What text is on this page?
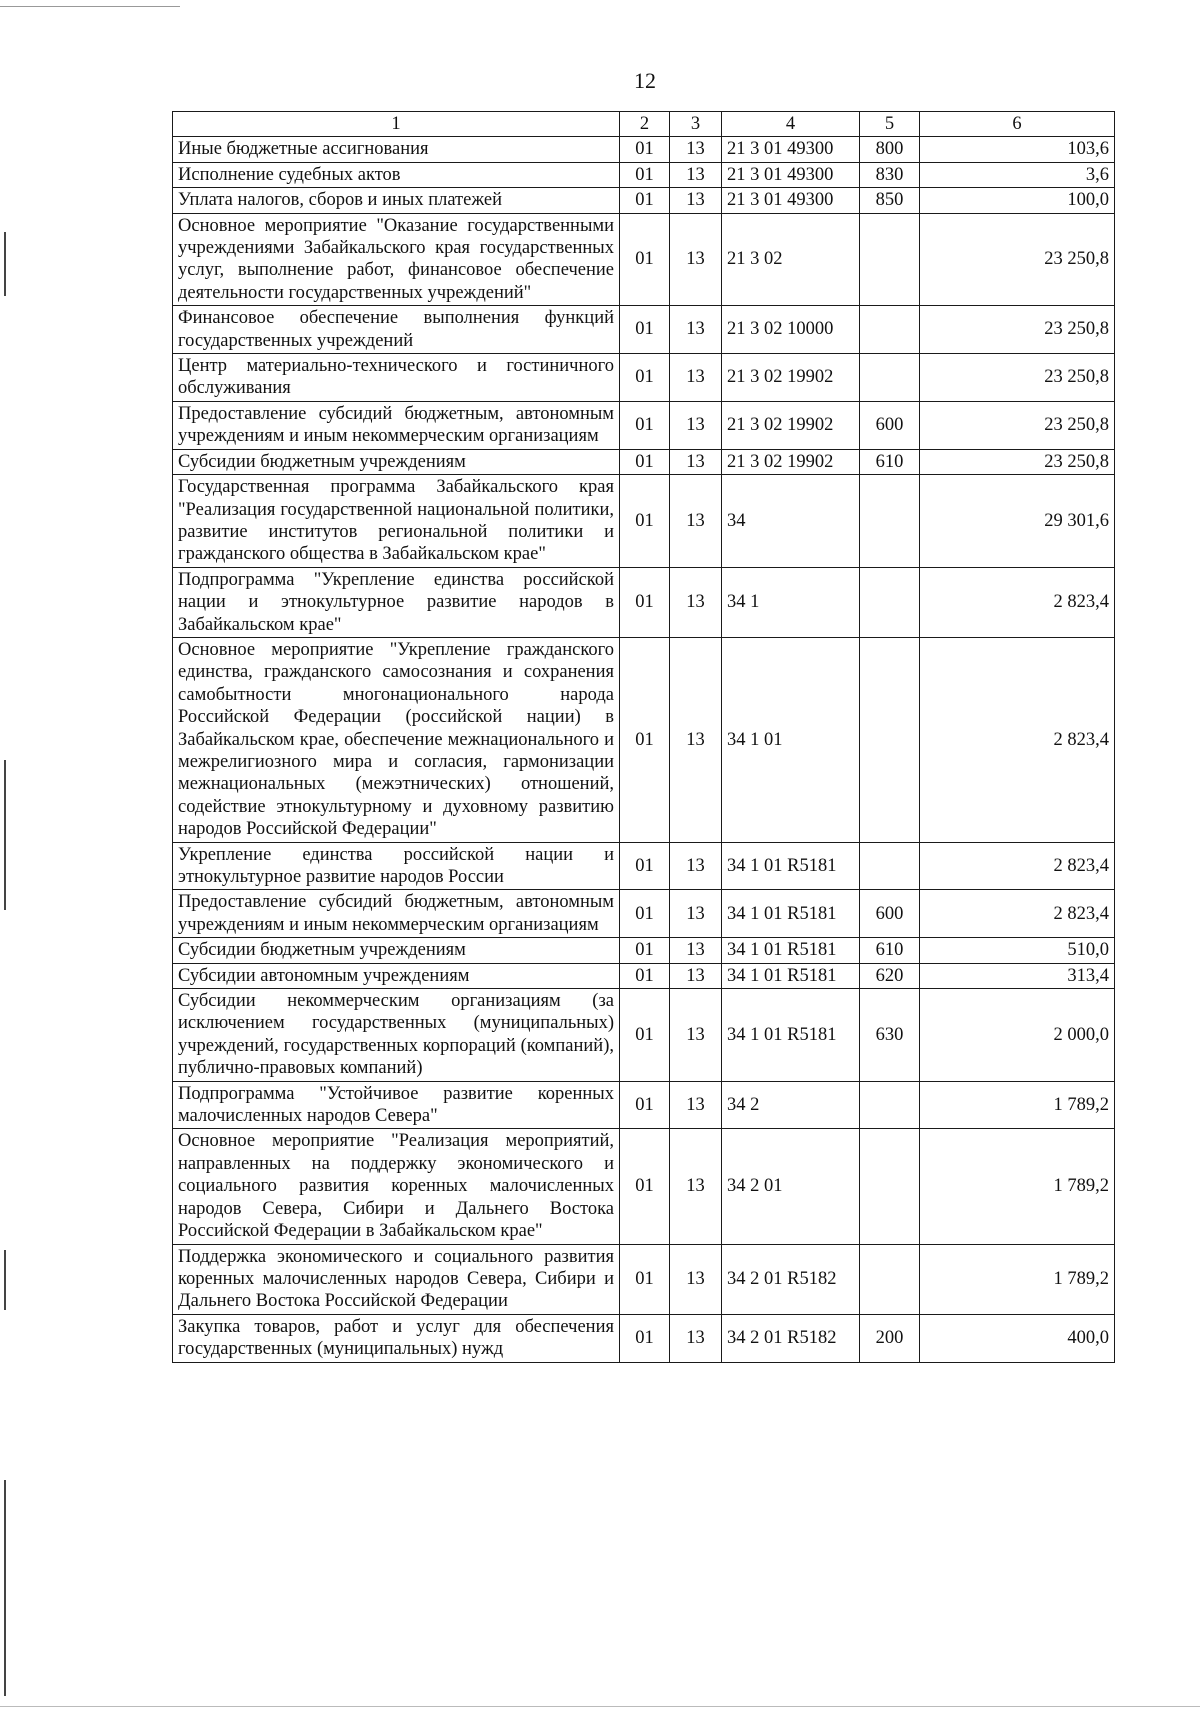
12
1	2	3	4	5	6
Иные бюджетные ассигнования	01	13	21 3 01 49300	800	103,6
Исполнение судебных актов	01	13	21 3 01 49300	830	3,6
Уплата налогов, сборов и иных платежей	01	13	21 3 01 49300	850	100,0
Основное мероприятие "Оказание государственными учреждениями Забайкальского края государственных услуг, выполнение работ, финансовое обеспечение деятельности государственных учреждений"	01	13	21 3 02		23 250,8
Финансовое обеспечение выполнения функций государственных учреждений	01	13	21 3 02 10000		23 250,8
Центр материально-технического и гостиничного обслуживания	01	13	21 3 02 19902		23 250,8
Предоставление субсидий бюджетным, автономным учреждениям и иным некоммерческим организациям	01	13	21 3 02 19902	600	23 250,8
Субсидии бюджетным учреждениям	01	13	21 3 02 19902	610	23 250,8
Государственная программа Забайкальского края "Реализация государственной национальной политики, развитие институтов региональной политики и гражданского общества в Забайкальском крае"	01	13	34		29 301,6
Подпрограмма "Укрепление единства российской нации и этнокультурное развитие народов в Забайкальском крае"	01	13	34 1		2 823,4
Основное мероприятие "Укрепление гражданского единства, гражданского самосознания и сохранения самобытности многонационального народа Российской Федерации (российской нации) в Забайкальском крае, обеспечение межнационального и межрелигиозного мира и согласия, гармонизации межнациональных (межэтнических) отношений, содействие этнокультурному и духовному развитию народов Российской Федерации"	01	13	34 1 01		2 823,4
Укрепление единства российской нации и этнокультурное развитие народов России	01	13	34 1 01 R5181		2 823,4
Предоставление субсидий бюджетным, автономным учреждениям и иным некоммерческим организациям	01	13	34 1 01 R5181	600	2 823,4
Субсидии бюджетным учреждениям	01	13	34 1 01 R5181	610	510,0
Субсидии автономным учреждениям	01	13	34 1 01 R5181	620	313,4
Субсидии некоммерческим организациям (за исключением государственных (муниципальных) учреждений, государственных корпораций (компаний), публично-правовых компаний)	01	13	34 1 01 R5181	630	2 000,0
Подпрограмма "Устойчивое развитие коренных малочисленных народов Севера"	01	13	34 2		1 789,2
Основное мероприятие "Реализация мероприятий, направленных на поддержку экономического и социального развития коренных малочисленных народов Севера, Сибири и Дальнего Востока Российской Федерации в Забайкальском крае"	01	13	34 2 01		1 789,2
Поддержка экономического и социального развития коренных малочисленных народов Севера, Сибири и Дальнего Востока Российской Федерации	01	13	34 2 01 R5182		1 789,2
Закупка товаров, работ и услуг для обеспечения государственных (муниципальных) нужд	01	13	34 2 01 R5182	200	400,0
